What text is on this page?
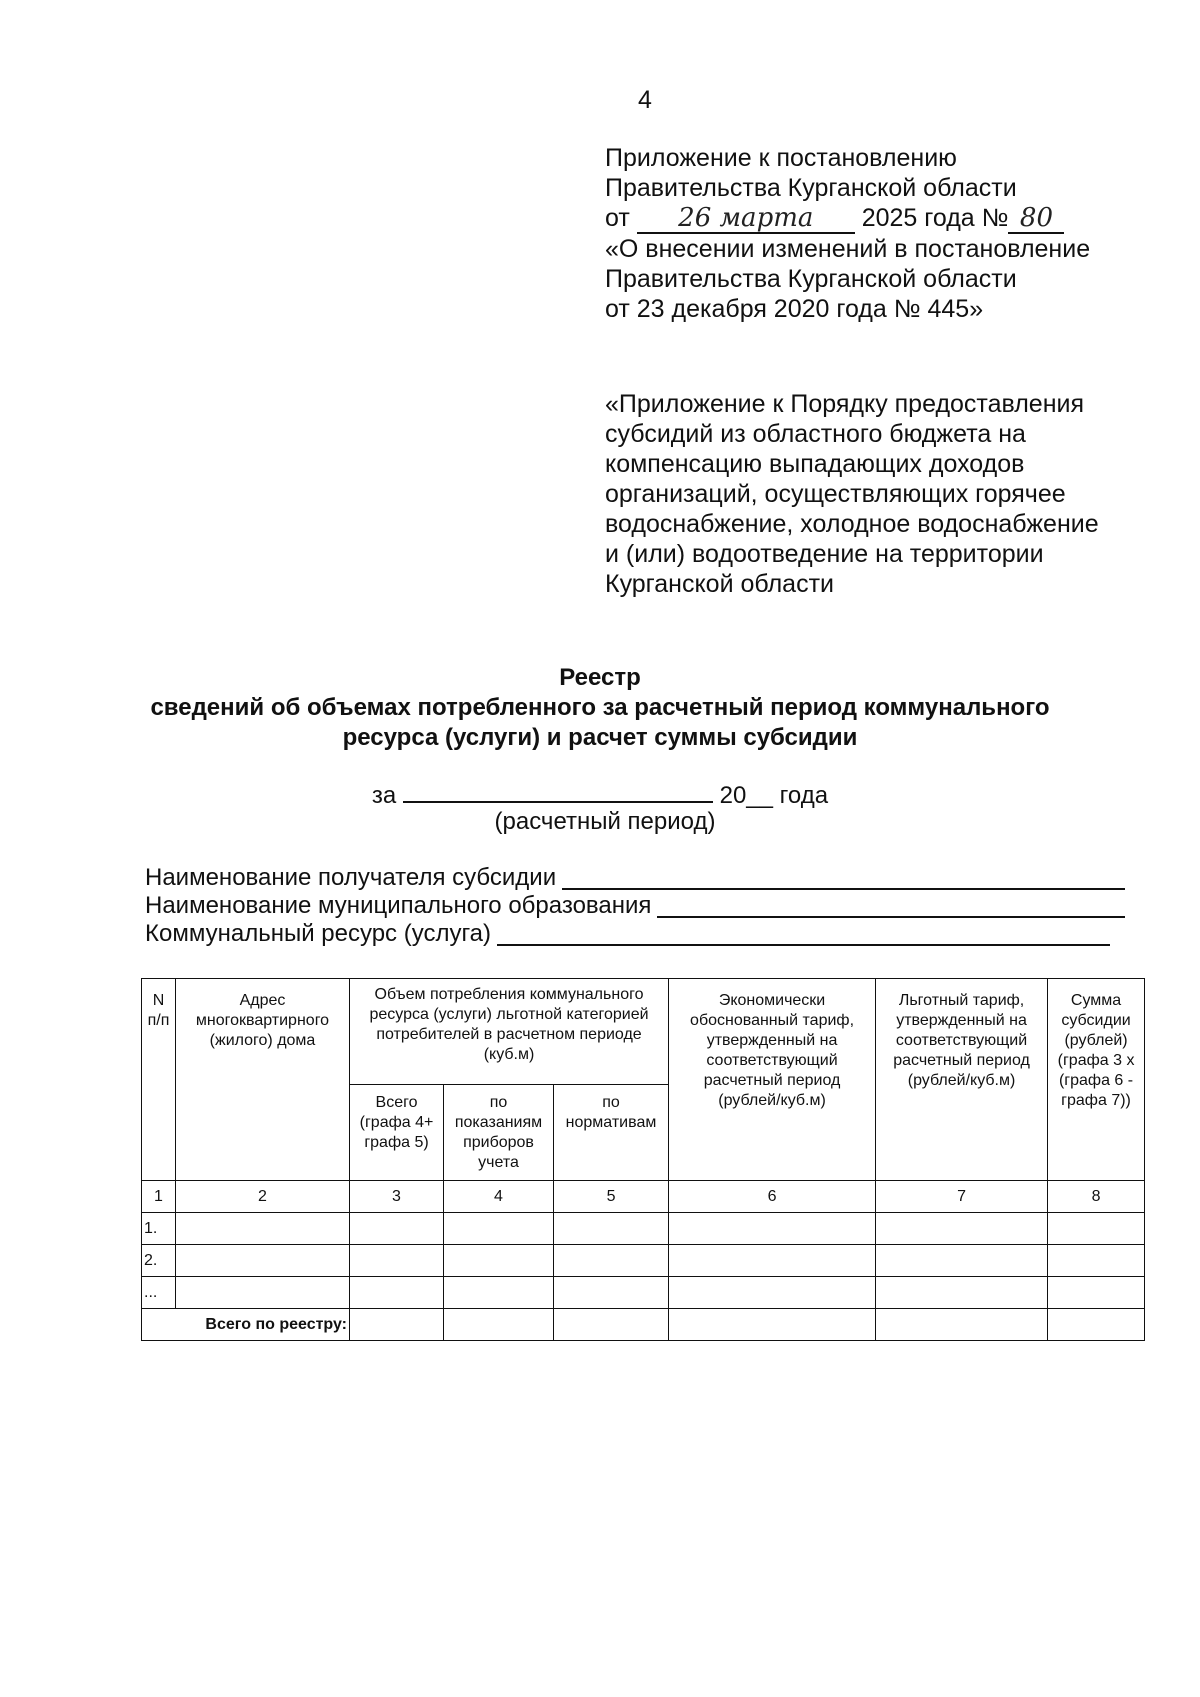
4
Приложение к постановлению
Правительства Курганской области
от 26 марта 2025 года № 80
«О внесении изменений в постановление
Правительства Курганской области
от 23 декабря 2020 года № 445»
«Приложение к Порядку предоставления
субсидий из областного бюджета на
компенсацию выпадающих доходов
организаций, осуществляющих горячее
водоснабжение, холодное водоснабжение
и (или) водоотведение на территории
Курганской области
Реестр
сведений об объемах потребленного за расчетный период коммунального
ресурса (услуги) и расчет суммы субсидии
за	20__ года
(расчетный период)
Наименование получателя субсидии
Наименование муниципального образования
Коммунальный ресурс (услуга)
N п/п	Адрес многоквартирного (жилого) дома	Объем потребления коммунального ресурса (услуги) льготной категорией потребителей в расчетном периоде (куб.м)			Экономически обоснованный тариф, утвержденный на соответствующий расчетный период (рублей/куб.м)	Льготный тариф, утвержденный на соответствующий расчетный период (рублей/куб.м)	Сумма субсидии (рублей) (графа 3 х (графа 6 - графа 7))
		Всего (графа 4+ графа 5)	по показаниям приборов учета	по нормативам			
1	2	3	4	5	6	7	8
1.							
2.							
...							
Всего по реестру:							
